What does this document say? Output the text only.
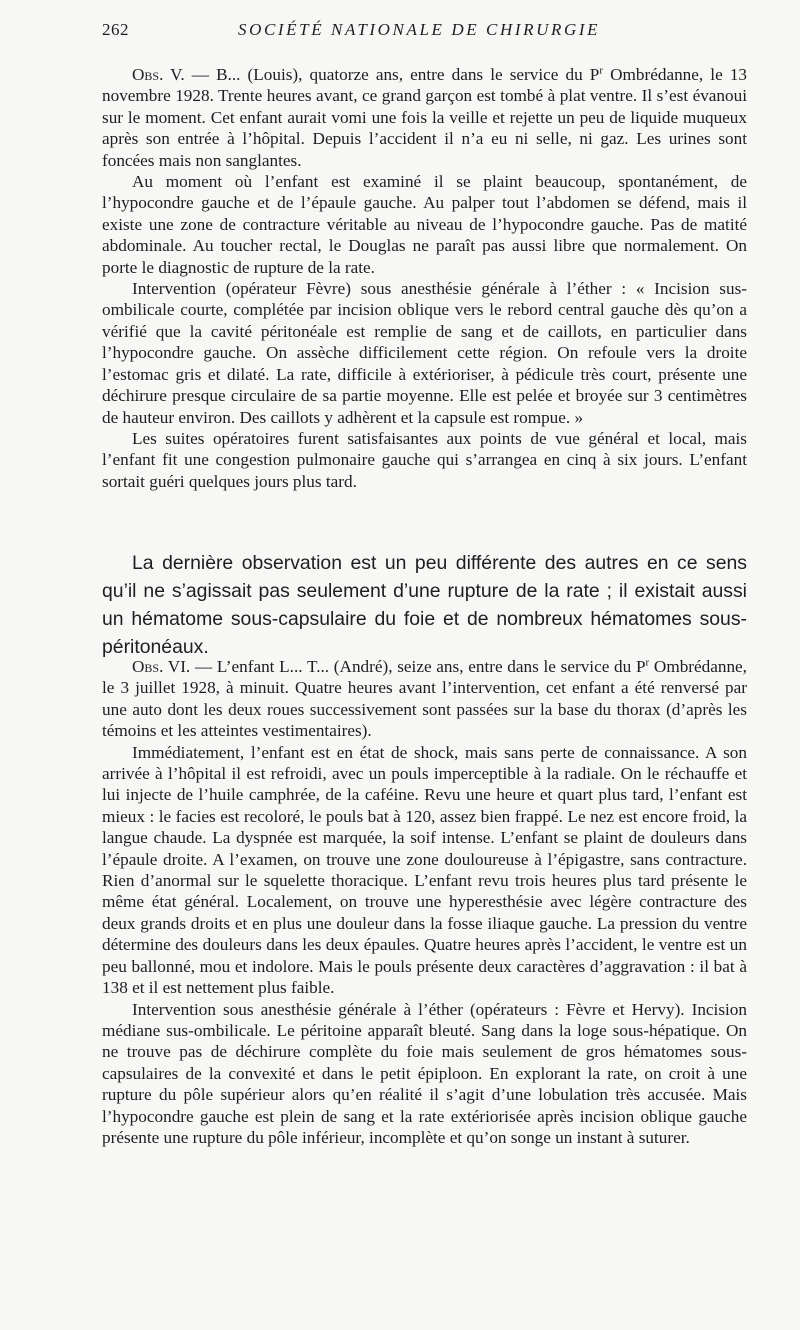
262	SOCIÉTÉ NATIONALE DE CHIRURGIE

Obs. V. — B... (Louis), quatorze ans, entre dans le service du $P^r$ Ombrédanne, le 13 novembre 1928. Trente heures avant, ce grand garçon est tombé à plat ventre. Il s’est évanoui sur le moment. Cet enfant aurait vomi une fois la veille et rejette un peu de liquide muqueux après son entrée à l’hôpital. Depuis l’accident il n’a eu ni selle, ni gaz. Les urines sont foncées mais non sanglantes.

Au moment où l’enfant est examiné il se plaint beaucoup, spontanément, de l’hypocondre gauche et de l’épaule gauche. Au palper tout l’abdomen se défend, mais il existe une zone de contracture véritable au niveau de l’hypocondre gauche. Pas de matité abdominale. Au toucher rectal, le Douglas ne paraît pas aussi libre que normalement. On porte le diagnostic de rupture de la rate.

Intervention (opérateur Fèvre) sous anesthésie générale à l’éther : « Incision sus-ombilicale courte, complétée par incision oblique vers le rebord central gauche dès qu’on a vérifié que la cavité péritonéale est remplie de sang et de caillots, en particulier dans l’hypocondre gauche. On assèche difficilement cette région. On refoule vers la droite l’estomac gris et dilaté. La rate, difficile à extérioriser, à pédicule très court, présente une déchirure presque circulaire de sa partie moyenne. Elle est pelée et broyée sur 3 centimètres de hauteur environ. Des caillots y adhèrent et la capsule est rompue. »

Les suites opératoires furent satisfaisantes aux points de vue général et local, mais l’enfant fit une congestion pulmonaire gauche qui s’arrangea en cinq à six jours. L’enfant sortait guéri quelques jours plus tard.

La dernière observation est un peu différente des autres en ce sens qu’il ne s’agissait pas seulement d’une rupture de la rate ; il existait aussi un hématome sous-capsulaire du foie et de nombreux hématomes sous-péritonéaux.

Obs. VI. — L’enfant L... T... (André), seize ans, entre dans le service du $P^r$ Ombrédanne, le 3 juillet 1928, à minuit. Quatre heures avant l’intervention, cet enfant a été renversé par une auto dont les deux roues successivement sont passées sur la base du thorax (d’après les témoins et les atteintes vestimentaires).

Immédiatement, l’enfant est en état de shock, mais sans perte de connaissance. A son arrivée à l’hôpital il est refroidi, avec un pouls imperceptible à la radiale. On le réchauffe et lui injecte de l’huile camphrée, de la caféine. Revu une heure et quart plus tard, l’enfant est mieux : le facies est recoloré, le pouls bat à 120, assez bien frappé. Le nez est encore froid, la langue chaude. La dyspnée est marquée, la soif intense. L’enfant se plaint de douleurs dans l’épaule droite. A l’examen, on trouve une zone douloureuse à l’épigastre, sans contracture. Rien d’anormal sur le squelette thoracique. L’enfant revu trois heures plus tard présente le même état général. Localement, on trouve une hyperesthésie avec légère contracture des deux grands droits et en plus une douleur dans la fosse iliaque gauche. La pression du ventre détermine des douleurs dans les deux épaules. Quatre heures après l’accident, le ventre est un peu ballonné, mou et indolore. Mais le pouls présente deux caractères d’aggravation : il bat à 138 et il est nettement plus faible.

Intervention sous anesthésie générale à l’éther (opérateurs : Fèvre et Hervy). Incision médiane sus-ombilicale. Le péritoine apparaît bleuté. Sang dans la loge sous-hépatique. On ne trouve pas de déchirure complète du foie mais seulement de gros hématomes sous-capsulaires de la convexité et dans le petit épiploon. En explorant la rate, on croit à une rupture du pôle supérieur alors qu’en réalité il s’agit d’une lobulation très accusée. Mais l’hypocondre gauche est plein de sang et la rate extériorisée après incision oblique gauche présente une rupture du pôle inférieur, incomplète et qu’on songe un instant à suturer.
